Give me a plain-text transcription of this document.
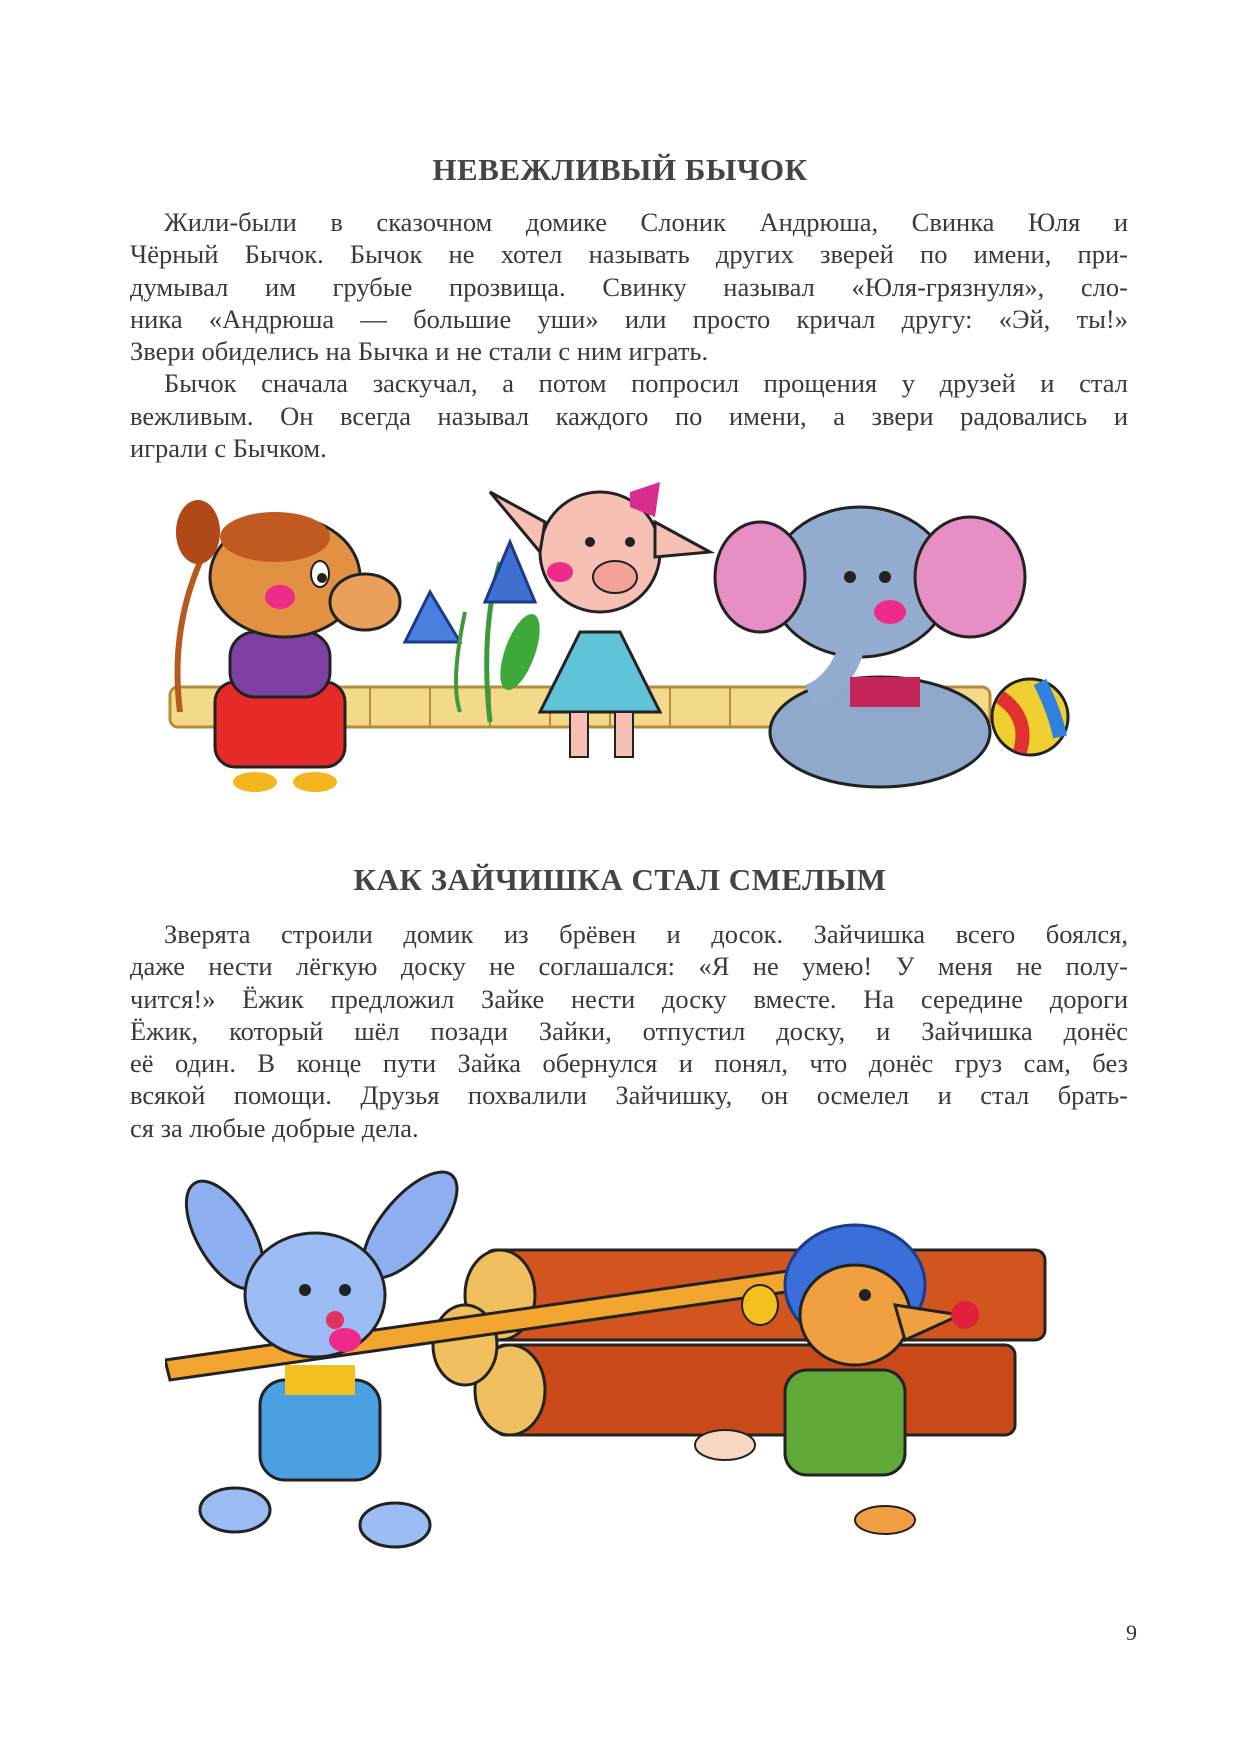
НЕВЕЖЛИВЫЙ БЫЧОК
Жили-были в сказочном домике Слоник Андрюша, Свинка Юля и
Чёрный Бычок. Бычок не хотел называть других зверей по имени, при-
думывал им грубые прозвища. Свинку называл «Юля-грязнуля», сло-
ника «Андрюша — большие уши» или просто кричал другу: «Эй, ты!»
Звери обиделись на Бычка и не стали с ним играть.
Бычок сначала заскучал, а потом попросил прощения у друзей и стал
вежливым. Он всегда называл каждого по имени, а звери радовались и
играли с Бычком.
КАК ЗАЙЧИШКА СТАЛ СМЕЛЫМ
Зверята строили домик из брёвен и досок. Зайчишка всего боялся,
даже нести лёгкую доску не соглашался: «Я не умею! У меня не полу-
чится!» Ёжик предложил Зайке нести доску вместе. На середине дороги
Ёжик, который шёл позади Зайки, отпустил доску, и Зайчишка донёс
её один. В конце пути Зайка обернулся и понял, что донёс груз сам, без
всякой помощи. Друзья похвалили Зайчишку, он осмелел и стал брать-
ся за любые добрые дела.
9
